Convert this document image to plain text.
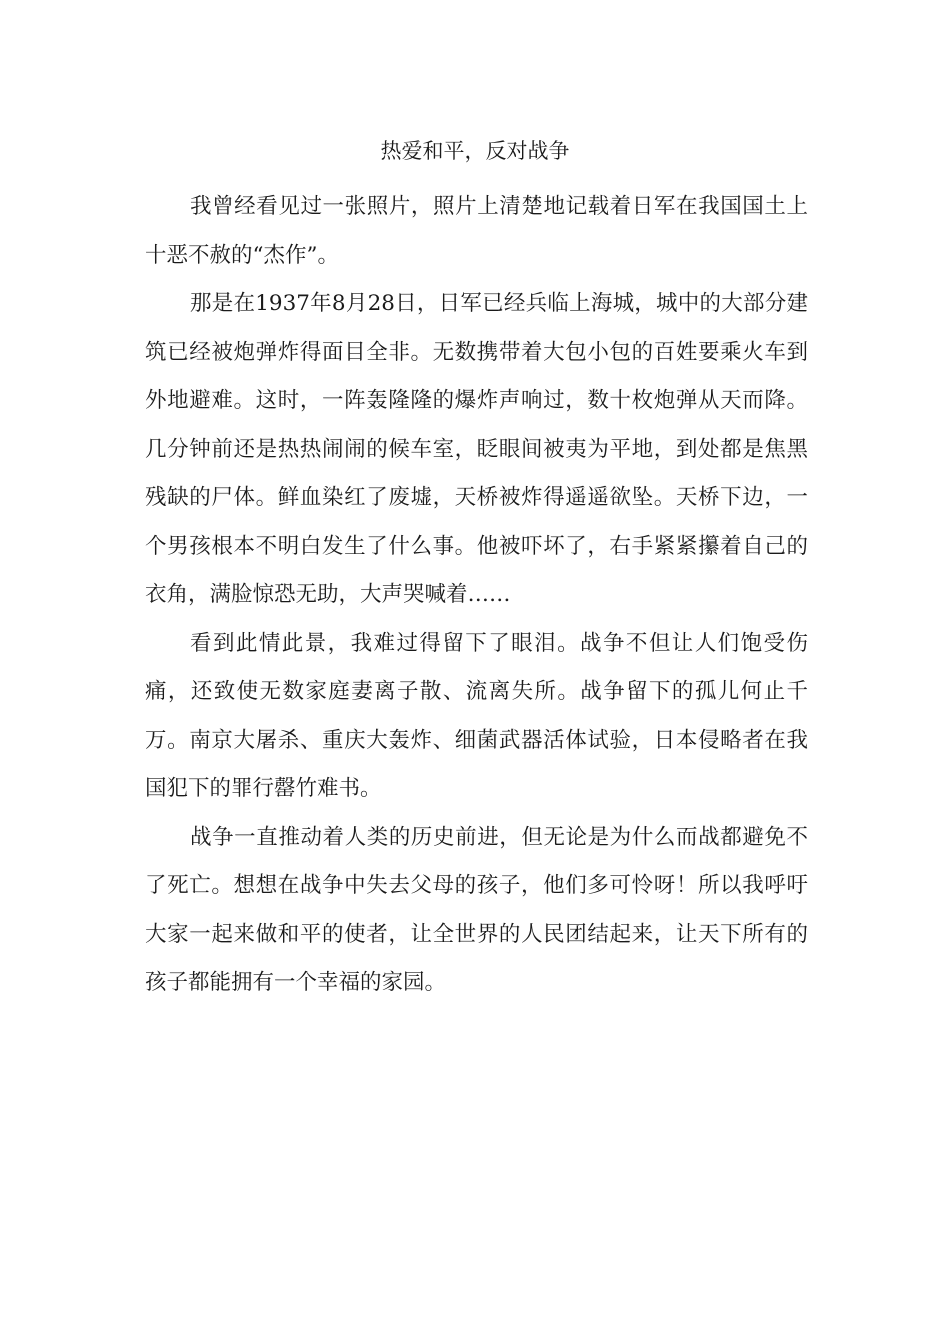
热爱和平，反对战争

我曾经看见过一张照片，照片上清楚地记载着日军在我国国土上十恶不赦的“杰作”。

那是在1937年8月28日，日军已经兵临上海城，城中的大部分建筑已经被炮弹炸得面目全非。无数携带着大包小包的百姓要乘火车到外地避难。这时，一阵轰隆隆的爆炸声响过，数十枚炮弹从天而降。几分钟前还是热热闹闹的候车室，眨眼间被夷为平地，到处都是焦黑残缺的尸体。鲜血染红了废墟，天桥被炸得遥遥欲坠。天桥下边，一个男孩根本不明白发生了什么事。他被吓坏了，右手紧紧攥着自己的衣角，满脸惊恐无助，大声哭喊着……

看到此情此景，我难过得留下了眼泪。战争不但让人们饱受伤痛，还致使无数家庭妻离子散、流离失所。战争留下的孤儿何止千万。南京大屠杀、重庆大轰炸、细菌武器活体试验，日本侵略者在我国犯下的罪行罄竹难书。

战争一直推动着人类的历史前进，但无论是为什么而战都避免不了死亡。想想在战争中失去父母的孩子，他们多可怜呀！所以我呼吁大家一起来做和平的使者，让全世界的人民团结起来，让天下所有的孩子都能拥有一个幸福的家园。
